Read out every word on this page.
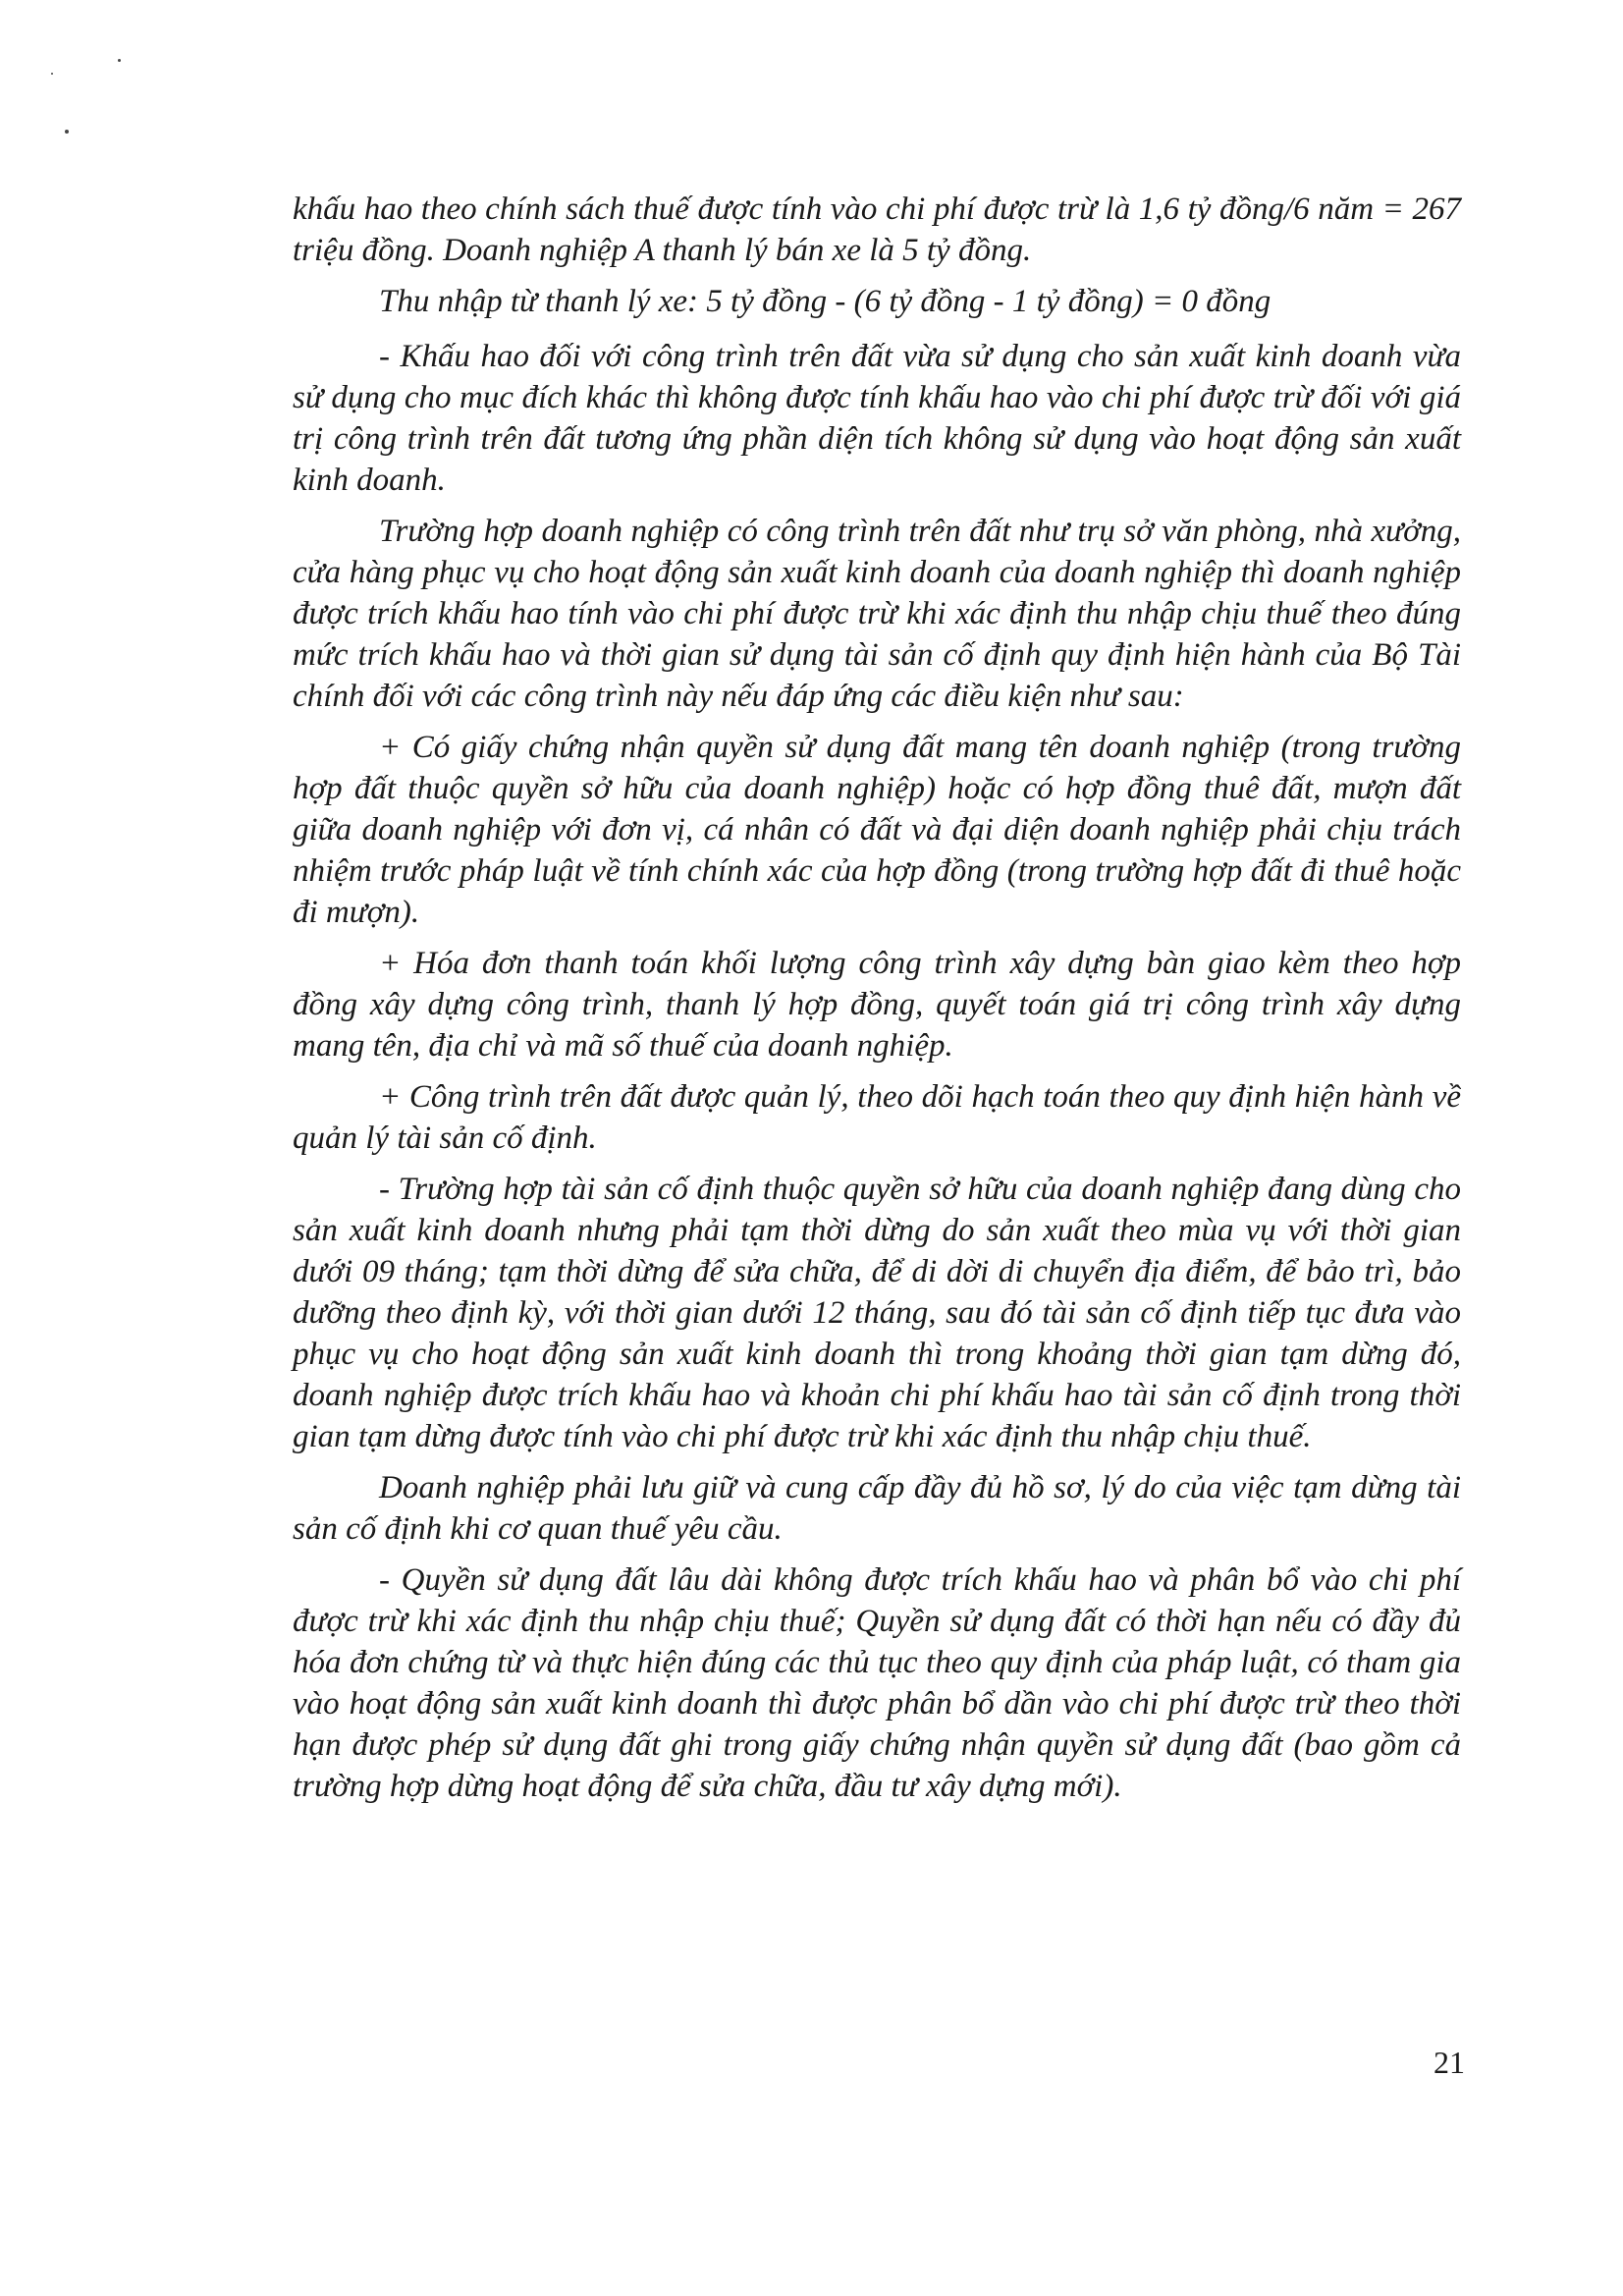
khấu hao theo chính sách thuế được tính vào chi phí được trừ là 1,6 tỷ đồng/6 năm = 267 triệu đồng. Doanh nghiệp A thanh lý bán xe là 5 tỷ đồng.

Thu nhập từ thanh lý xe: 5 tỷ đồng - (6 tỷ đồng - 1 tỷ đồng) = 0 đồng

- Khấu hao đối với công trình trên đất vừa sử dụng cho sản xuất kinh doanh vừa sử dụng cho mục đích khác thì không được tính khấu hao vào chi phí được trừ đối với giá trị công trình trên đất tương ứng phần diện tích không sử dụng vào hoạt động sản xuất kinh doanh.

Trường hợp doanh nghiệp có công trình trên đất như trụ sở văn phòng, nhà xưởng, cửa hàng phục vụ cho hoạt động sản xuất kinh doanh của doanh nghiệp thì doanh nghiệp được trích khấu hao tính vào chi phí được trừ khi xác định thu nhập chịu thuế theo đúng mức trích khấu hao và thời gian sử dụng tài sản cố định quy định hiện hành của Bộ Tài chính đối với các công trình này nếu đáp ứng các điều kiện như sau:

+ Có giấy chứng nhận quyền sử dụng đất mang tên doanh nghiệp (trong trường hợp đất thuộc quyền sở hữu của doanh nghiệp) hoặc có hợp đồng thuê đất, mượn đất giữa doanh nghiệp với đơn vị, cá nhân có đất và đại diện doanh nghiệp phải chịu trách nhiệm trước pháp luật về tính chính xác của hợp đồng (trong trường hợp đất đi thuê hoặc đi mượn).

+ Hóa đơn thanh toán khối lượng công trình xây dựng bàn giao kèm theo hợp đồng xây dựng công trình, thanh lý hợp đồng, quyết toán giá trị công trình xây dựng mang tên, địa chỉ và mã số thuế của doanh nghiệp.

+ Công trình trên đất được quản lý, theo dõi hạch toán theo quy định hiện hành về quản lý tài sản cố định.

- Trường hợp tài sản cố định thuộc quyền sở hữu của doanh nghiệp đang dùng cho sản xuất kinh doanh nhưng phải tạm thời dừng do sản xuất theo mùa vụ với thời gian dưới 09 tháng; tạm thời dừng để sửa chữa, để di dời di chuyển địa điểm, để bảo trì, bảo dưỡng theo định kỳ, với thời gian dưới 12 tháng, sau đó tài sản cố định tiếp tục đưa vào phục vụ cho hoạt động sản xuất kinh doanh thì trong khoảng thời gian tạm dừng đó, doanh nghiệp được trích khấu hao và khoản chi phí khấu hao tài sản cố định trong thời gian tạm dừng được tính vào chi phí được trừ khi xác định thu nhập chịu thuế.

Doanh nghiệp phải lưu giữ và cung cấp đầy đủ hồ sơ, lý do của việc tạm dừng tài sản cố định khi cơ quan thuế yêu cầu.

- Quyền sử dụng đất lâu dài không được trích khấu hao và phân bổ vào chi phí được trừ khi xác định thu nhập chịu thuế; Quyền sử dụng đất có thời hạn nếu có đầy đủ hóa đơn chứng từ và thực hiện đúng các thủ tục theo quy định của pháp luật, có tham gia vào hoạt động sản xuất kinh doanh thì được phân bổ dần vào chi phí được trừ theo thời hạn được phép sử dụng đất ghi trong giấy chứng nhận quyền sử dụng đất (bao gồm cả trường hợp dừng hoạt động để sửa chữa, đầu tư xây dựng mới).

21
